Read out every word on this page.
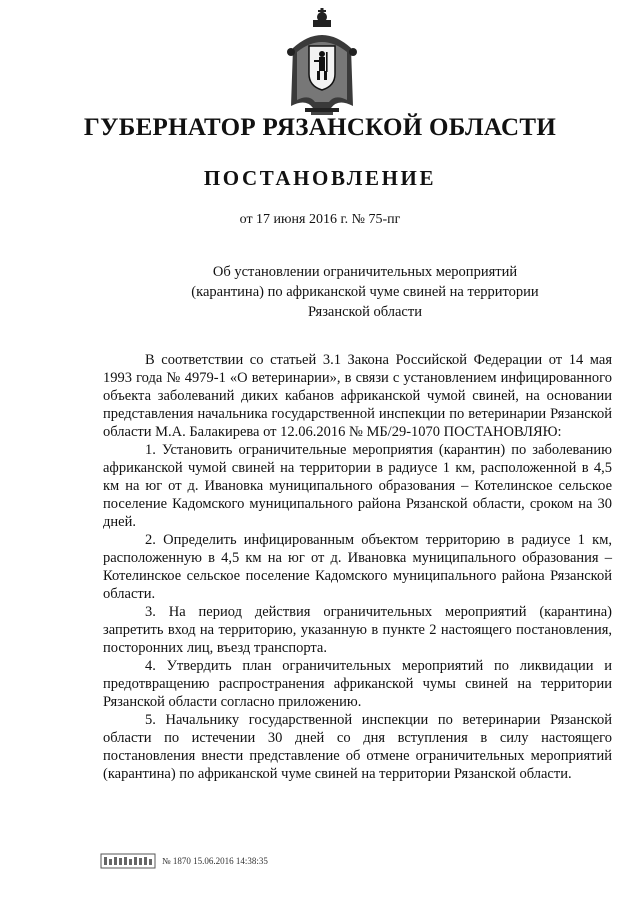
ГУБЕРНАТОР РЯЗАНСКОЙ ОБЛАСТИ
ПОСТАНОВЛЕНИЕ
от 17 июня 2016 г. № 75-пг
Об установлении ограничительных мероприятий
(карантина) по африканской чуме свиней на территории
Рязанской области

В соответствии со статьей 3.1 Закона Российской Федерации от 14 мая 1993 года № 4979-1 «О ветеринарии», в связи с установлением инфицированного объекта заболеваний диких кабанов африканской чумой свиней, на основании представления начальника государственной инспекции по ветеринарии Рязанской области М.А. Балакирева от 12.06.2016 № МБ/29-1070 ПОСТАНОВЛЯЮ:

1. Установить ограничительные мероприятия (карантин) по заболеванию африканской чумой свиней на территории в радиусе 1 км, расположенной в 4,5 км на юг от д. Ивановка муниципального образования – Котелинское сельское поселение Кадомского муниципального района Рязанской области, сроком на 30 дней.

2. Определить инфицированным объектом территорию в радиусе 1 км, расположенную в 4,5 км на юг от д. Ивановка муниципального образования – Котелинское сельское поселение Кадомского муниципального района Рязанской области.

3. На период действия ограничительных мероприятий (карантина) запретить вход на территорию, указанную в пункте 2 настоящего постановления, посторонних лиц, въезд транспорта.

4. Утвердить план ограничительных мероприятий по ликвидации и предотвращению распространения африканской чумы свиней на территории Рязанской области согласно приложению.

5. Начальнику государственной инспекции по ветеринарии Рязанской области по истечении 30 дней со дня вступления в силу настоящего постановления внести представление об отмене ограничительных мероприятий (карантина) по африканской чуме свиней на территории Рязанской области.

№ 1870 15.06.2016 14:38:35
